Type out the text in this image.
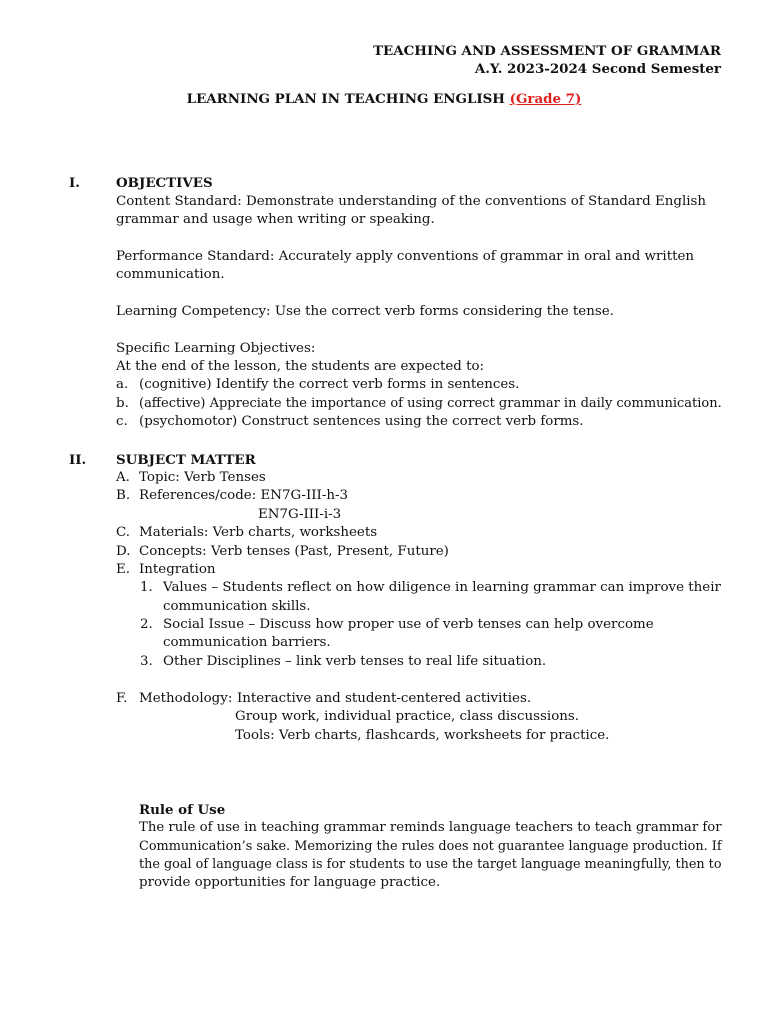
TEACHING AND ASSESSMENT OF GRAMMAR
A.Y. 2023-2024 Second Semester
LEARNING PLAN IN TEACHING ENGLISH (Grade 7)
I.	OBJECTIVES
Content Standard: Demonstrate understanding of the conventions of Standard English
grammar and usage when writing or speaking.
Performance Standard: Accurately apply conventions of grammar in oral and written
communication.
Learning Competency: Use the correct verb forms considering the tense.
Specific Learning Objectives:
At the end of the lesson, the students are expected to:
a. (cognitive) Identify the correct verb forms in sentences.
b. (affective) Appreciate the importance of using correct grammar in daily communication.
c. (psychomotor) Construct sentences using the correct verb forms.
II. SUBJECT MATTER
A. Topic: Verb Tenses
B. References/code: EN7G-III-h-3
EN7G-III-i-3
C. Materials: Verb charts, worksheets
D. Concepts: Verb tenses (Past, Present, Future)
E. Integration
1. Values – Students reflect on how diligence in learning grammar can improve their
communication skills.
2. Social Issue – Discuss how proper use of verb tenses can help overcome
communication barriers.
3. Other Disciplines – link verb tenses to real life situation.
F. Methodology: Interactive and student-centered activities.
Group work, individual practice, class discussions.
Tools: Verb charts, flashcards, worksheets for practice.
Rule of Use
The rule of use in teaching grammar reminds language teachers to teach grammar for
Communication’s sake. Memorizing the rules does not guarantee language production. If
the goal of language class is for students to use the target language meaningfully, then to
provide opportunities for language practice.
